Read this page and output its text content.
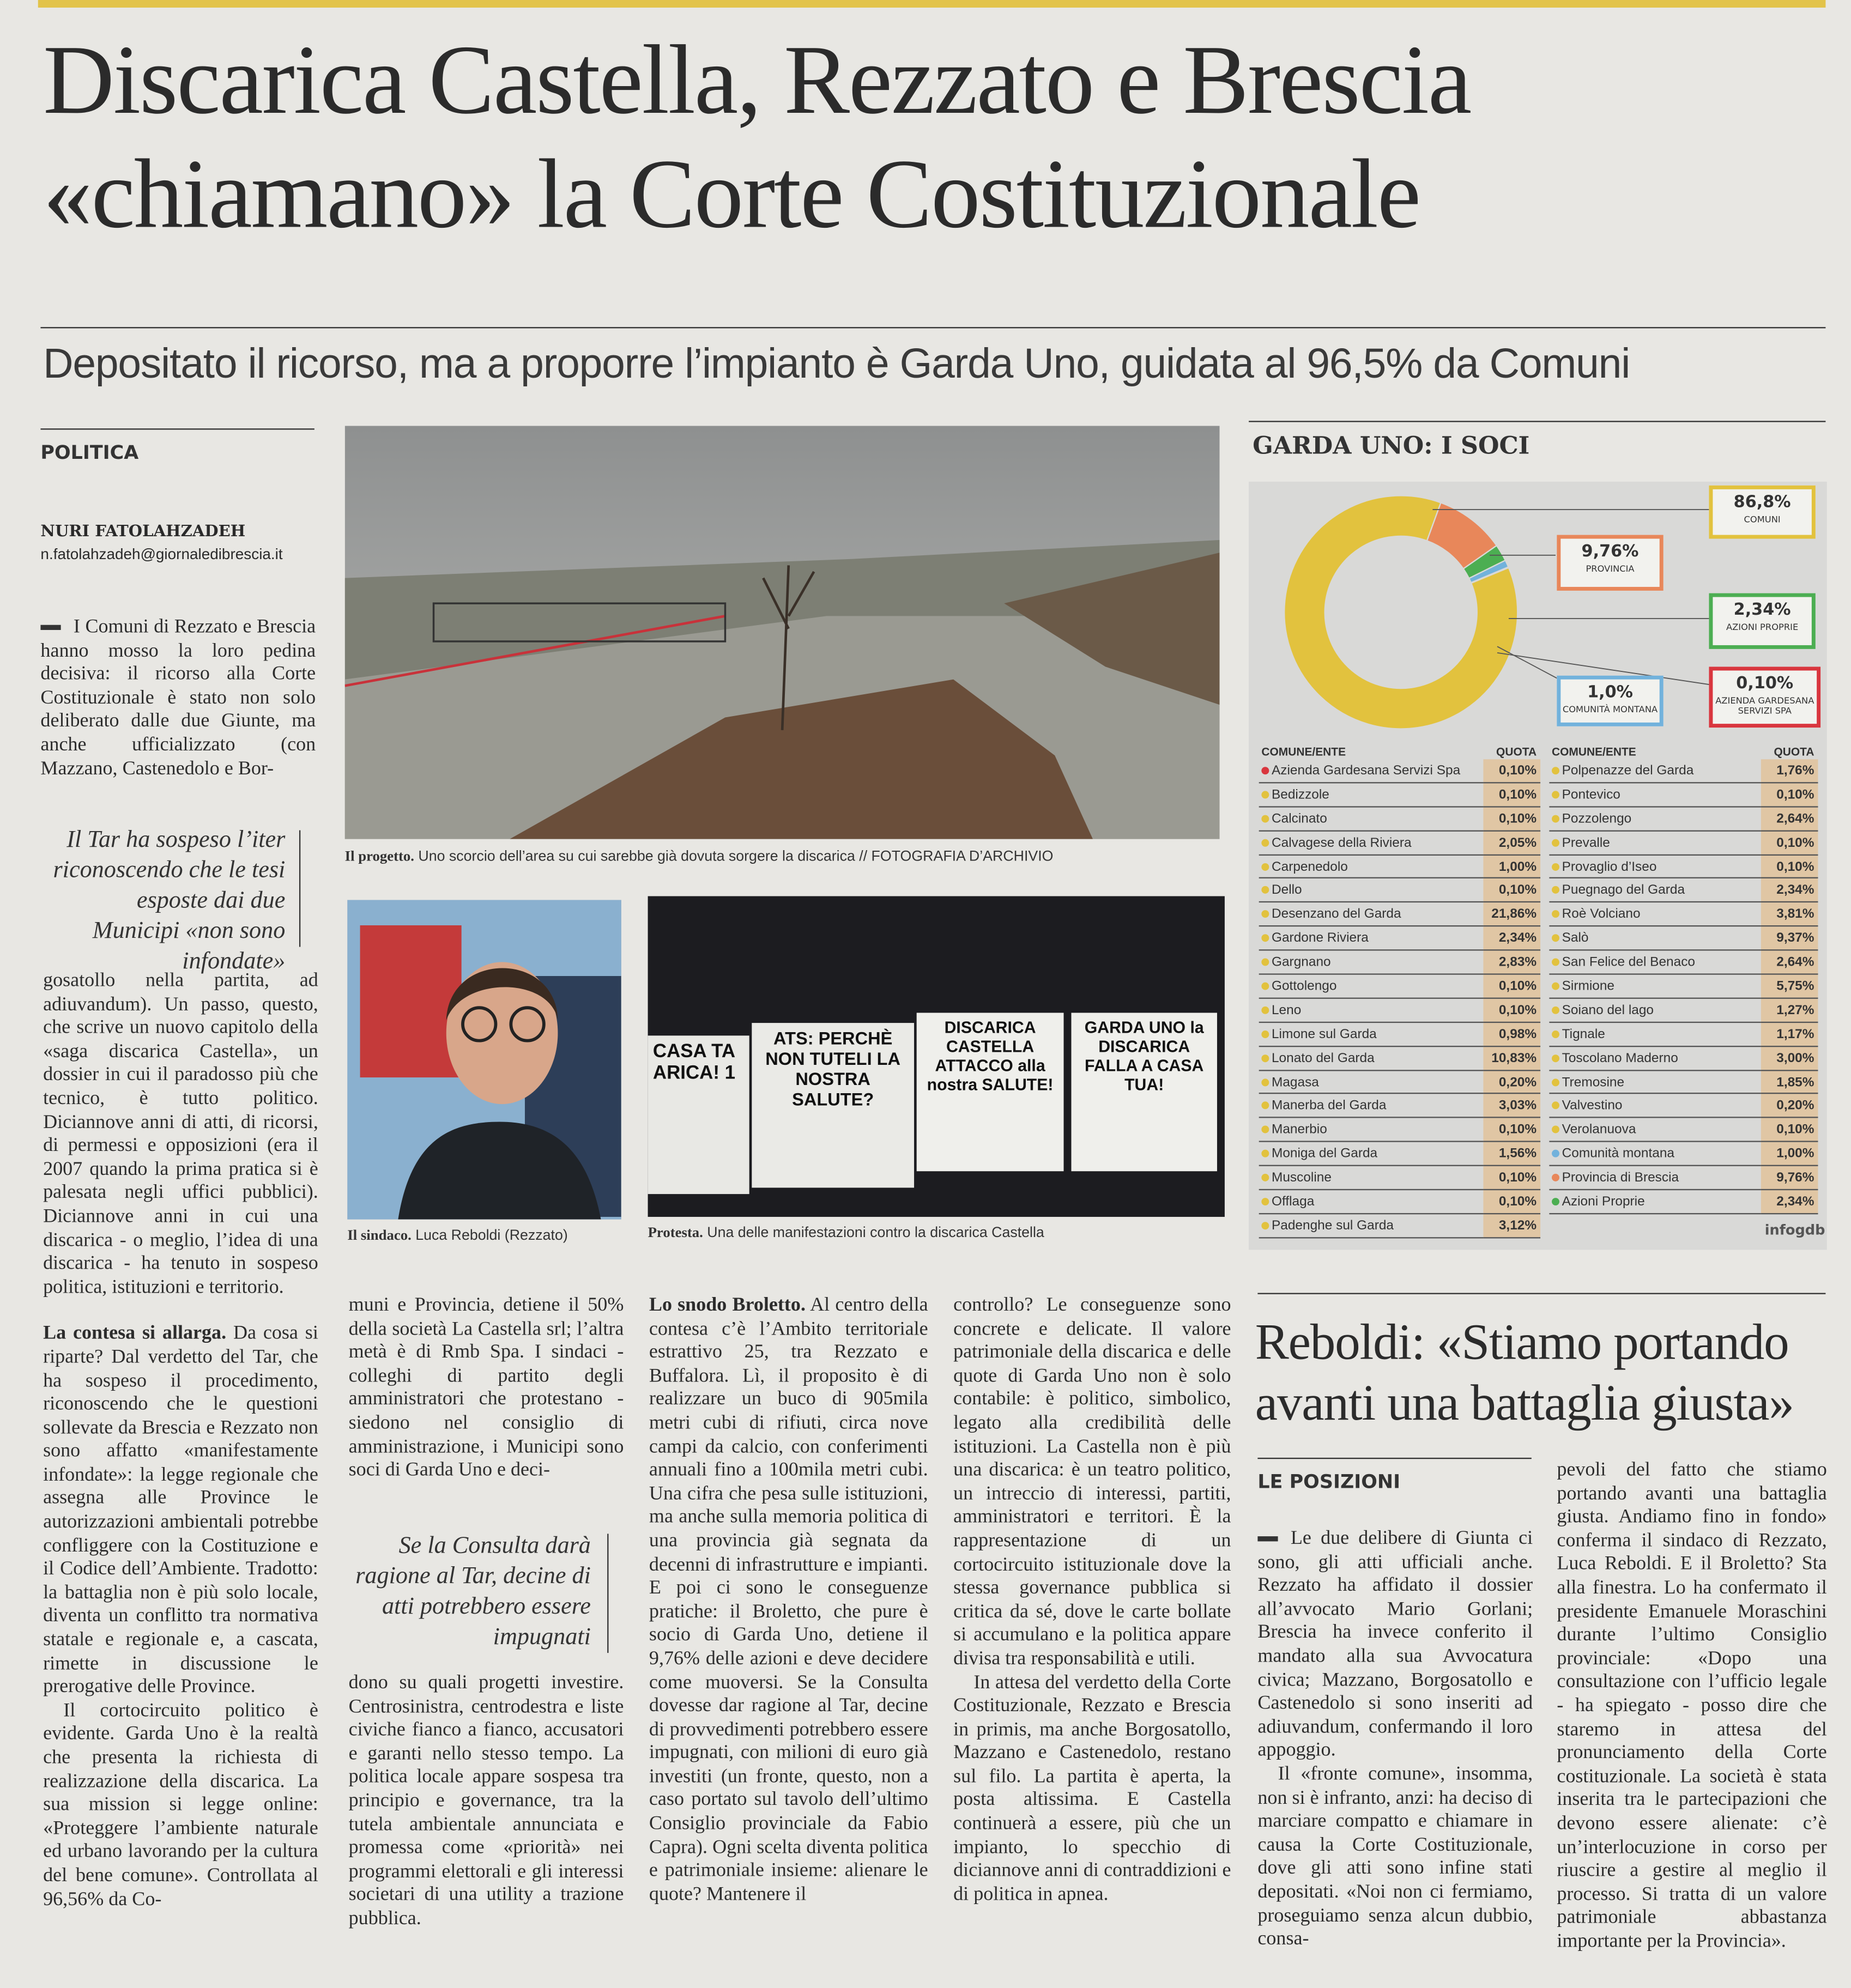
Discarica Castella, Rezzato e Brescia
«chiamano» la Corte Costituzionale
Depositato il ricorso, ma a proporre l’impianto è Garda Uno, guidata al 96,5% da Comuni
POLITICA
NURI FATOLAHZADEH
n.fatolahzadeh@giornaledibrescia.it

I Comuni di Rezzato e Brescia hanno mosso la loro pedina decisiva: il ricorso alla Corte Costituzionale è stato non solo deliberato dalle due Giunte, ma anche ufficializzato (con Mazzano, Castenedolo e Bor-

Il Tar ha sospeso l’iter riconoscendo che le tesi esposte dai due Municipi «non sono infondate»

gosatollo nella partita, ad adiuvandum). Un passo, questo, che scrive un nuovo capitolo della «saga discarica Castella», un dossier in cui il paradosso più che tecnico, è tutto politico. Diciannove anni di atti, di ricorsi, di permessi e opposizioni (era il 2007 quando la prima pratica si è palesata negli uffici pubblici). Diciannove anni in cui una discarica - o meglio, l’idea di una discarica - ha tenuto in sospeso politica, istituzioni e territorio.

La contesa si allarga. Da cosa si riparte? Dal verdetto del Tar, che ha sospeso il procedimento, riconoscendo che le questioni sollevate da Brescia e Rezzato non sono affatto «manifestamente infondate»: la legge regionale che assegna alle Province le autorizzazioni ambientali potrebbe confliggere con la Costituzione e il Codice dell’Ambiente. Tradotto: la battaglia non è più solo locale, diventa un conflitto tra normativa statale e regionale e, a cascata, rimette in discussione le prerogative delle Province.

Il cortocircuito politico è evidente. Garda Uno è la realtà che presenta la richiesta di realizzazione della discarica. La sua mission si legge online: «Proteggere l’ambiente naturale ed urbano lavorando per la cultura del bene comune». Controllata al 96,56% da Co-

Il progetto. Uno scorcio dell’area su cui sarebbe già dovuta sorgere la discarica // FOTOGRAFIA D’ARCHIVIO
Il sindaco. Luca Reboldi (Rezzato)
CASA TA ARICA! 1
ATS: PERCHÈ NON TUTELI LA NOSTRA SALUTE?
DISCARICA CASTELLA ATTACCO alla nostra SALUTE!
GARDA UNO la DISCARICA FALLA A CASA TUA!
Protesta. Una delle manifestazioni contro la discarica Castella

muni e Provincia, detiene il 50% della società La Castella srl; l’altra metà è di Rmb Spa. I sindaci - colleghi di partito degli amministratori che protestano - siedono nel consiglio di amministrazione, i Municipi sono soci di Garda Uno e deci-

Se la Consulta darà ragione al Tar, decine di atti potrebbero essere impugnati

dono su quali progetti investire. Centrosinistra, centrodestra e liste civiche fianco a fianco, accusatori e garanti nello stesso tempo. La politica locale appare sospesa tra principio e governance, tra la tutela ambientale annunciata e promessa come «priorità» nei programmi elettorali e gli interessi societari di una utility a trazione pubblica.

Lo snodo Broletto. Al centro della contesa c’è l’Ambito territoriale estrattivo 25, tra Rezzato e Buffalora. Lì, il proposito è di realizzare un buco di 905mila metri cubi di rifiuti, circa nove campi da calcio, con conferimenti annuali fino a 100mila metri cubi. Una cifra che pesa sulle istituzioni, ma anche sulla memoria politica di una provincia già segnata da decenni di infrastrutture e impianti. E poi ci sono le conseguenze pratiche: il Broletto, che pure è socio di Garda Uno, detiene il 9,76% delle azioni e deve decidere come muoversi. Se la Consulta dovesse dar ragione al Tar, decine di provvedimenti potrebbero essere impugnati, con milioni di euro già investiti (un fronte, questo, non a caso portato sul tavolo dell’ultimo Consiglio provinciale da Fabio Capra). Ogni scelta diventa politica e patrimoniale insieme: alienare le quote? Mantenere il

controllo? Le conseguenze sono concrete e delicate. Il valore patrimoniale della discarica e delle quote di Garda Uno non è solo contabile: è politico, simbolico, legato alla credibilità delle istituzioni. La Castella non è più una discarica: è un teatro politico, un intreccio di interessi, partiti, amministratori e territori. È la rappresentazione di un cortocircuito istituzionale dove la stessa governance pubblica si critica da sé, dove le carte bollate si accumulano e la politica appare divisa tra responsabilità e utili.

In attesa del verdetto della Corte Costituzionale, Rezzato e Brescia in primis, ma anche Borgosatollo, Mazzano e Castenedolo, restano sul filo. La partita è aperta, la posta altissima. E Castella continuerà a essere, più che un impianto, lo specchio di diciannove anni di contraddizioni e di politica in apnea.

GARDA UNO: I SOCI
86,8%
COMUNI
9,76%
PROVINCIA
2,34%
AZIONI PROPRIE
1,0%
COMUNITÀ MONTANA
0,10%
AZIENDA GARDESANA SERVIZI SPA
COMUNE/ENTE	QUOTA
Azienda Gardesana Servizi Spa	0,10%
Bedizzole	0,10%
Calcinato	0,10%
Calvagese della Riviera	2,05%
Carpenedolo	1,00%
Dello	0,10%
Desenzano del Garda	21,86%
Gardone Riviera	2,34%
Gargnano	2,83%
Gottolengo	0,10%
Leno	0,10%
Limone sul Garda	0,98%
Lonato del Garda	10,83%
Magasa	0,20%
Manerba del Garda	3,03%
Manerbio	0,10%
Moniga del Garda	1,56%
Muscoline	0,10%
Offlaga	0,10%
Padenghe sul Garda	3,12%
COMUNE/ENTE	QUOTA
Polpenazze del Garda	1,76%
Pontevico	0,10%
Pozzolengo	2,64%
Prevalle	0,10%
Provaglio d’Iseo	0,10%
Puegnago del Garda	2,34%
Roè Volciano	3,81%
Salò	9,37%
San Felice del Benaco	2,64%
Sirmione	5,75%
Soiano del lago	1,27%
Tignale	1,17%
Toscolano Maderno	3,00%
Tremosine	1,85%
Valvestino	0,20%
Verolanuova	0,10%
Comunità montana	1,00%
Provincia di Brescia	9,76%
Azioni Proprie	2,34%
infogdb
Reboldi: «Stiamo portando
avanti una battaglia giusta»
LE POSIZIONI

Le due delibere di Giunta ci sono, gli atti ufficiali anche. Rezzato ha affidato il dossier all’avvocato Mario Gorlani; Brescia ha invece conferito il mandato alla sua Avvocatura civica; Mazzano, Borgosatollo e Castenedolo si sono inseriti ad adiuvandum, confermando il loro appoggio.

Il «fronte comune», insomma, non si è infranto, anzi: ha deciso di marciare compatto e chiamare in causa la Corte Costituzionale, dove gli atti sono infine stati depositati. «Noi non ci fermiamo, proseguiamo senza alcun dubbio, consa-

pevoli del fatto che stiamo portando avanti una battaglia giusta. Andiamo fino in fondo» conferma il sindaco di Rezzato, Luca Reboldi. E il Broletto? Sta alla finestra. Lo ha confermato il presidente Emanuele Moraschini durante l’ultimo Consiglio provinciale: «Dopo una consultazione con l’ufficio legale - ha spiegato - posso dire che staremo in attesa del pronunciamento della Corte costituzionale. La società è stata inserita tra le partecipazioni che devono essere alienate: c’è un’interlocuzione in corso per riuscire a gestire al meglio il processo. Si tratta di un valore patrimoniale abbastanza importante per la Provincia».
